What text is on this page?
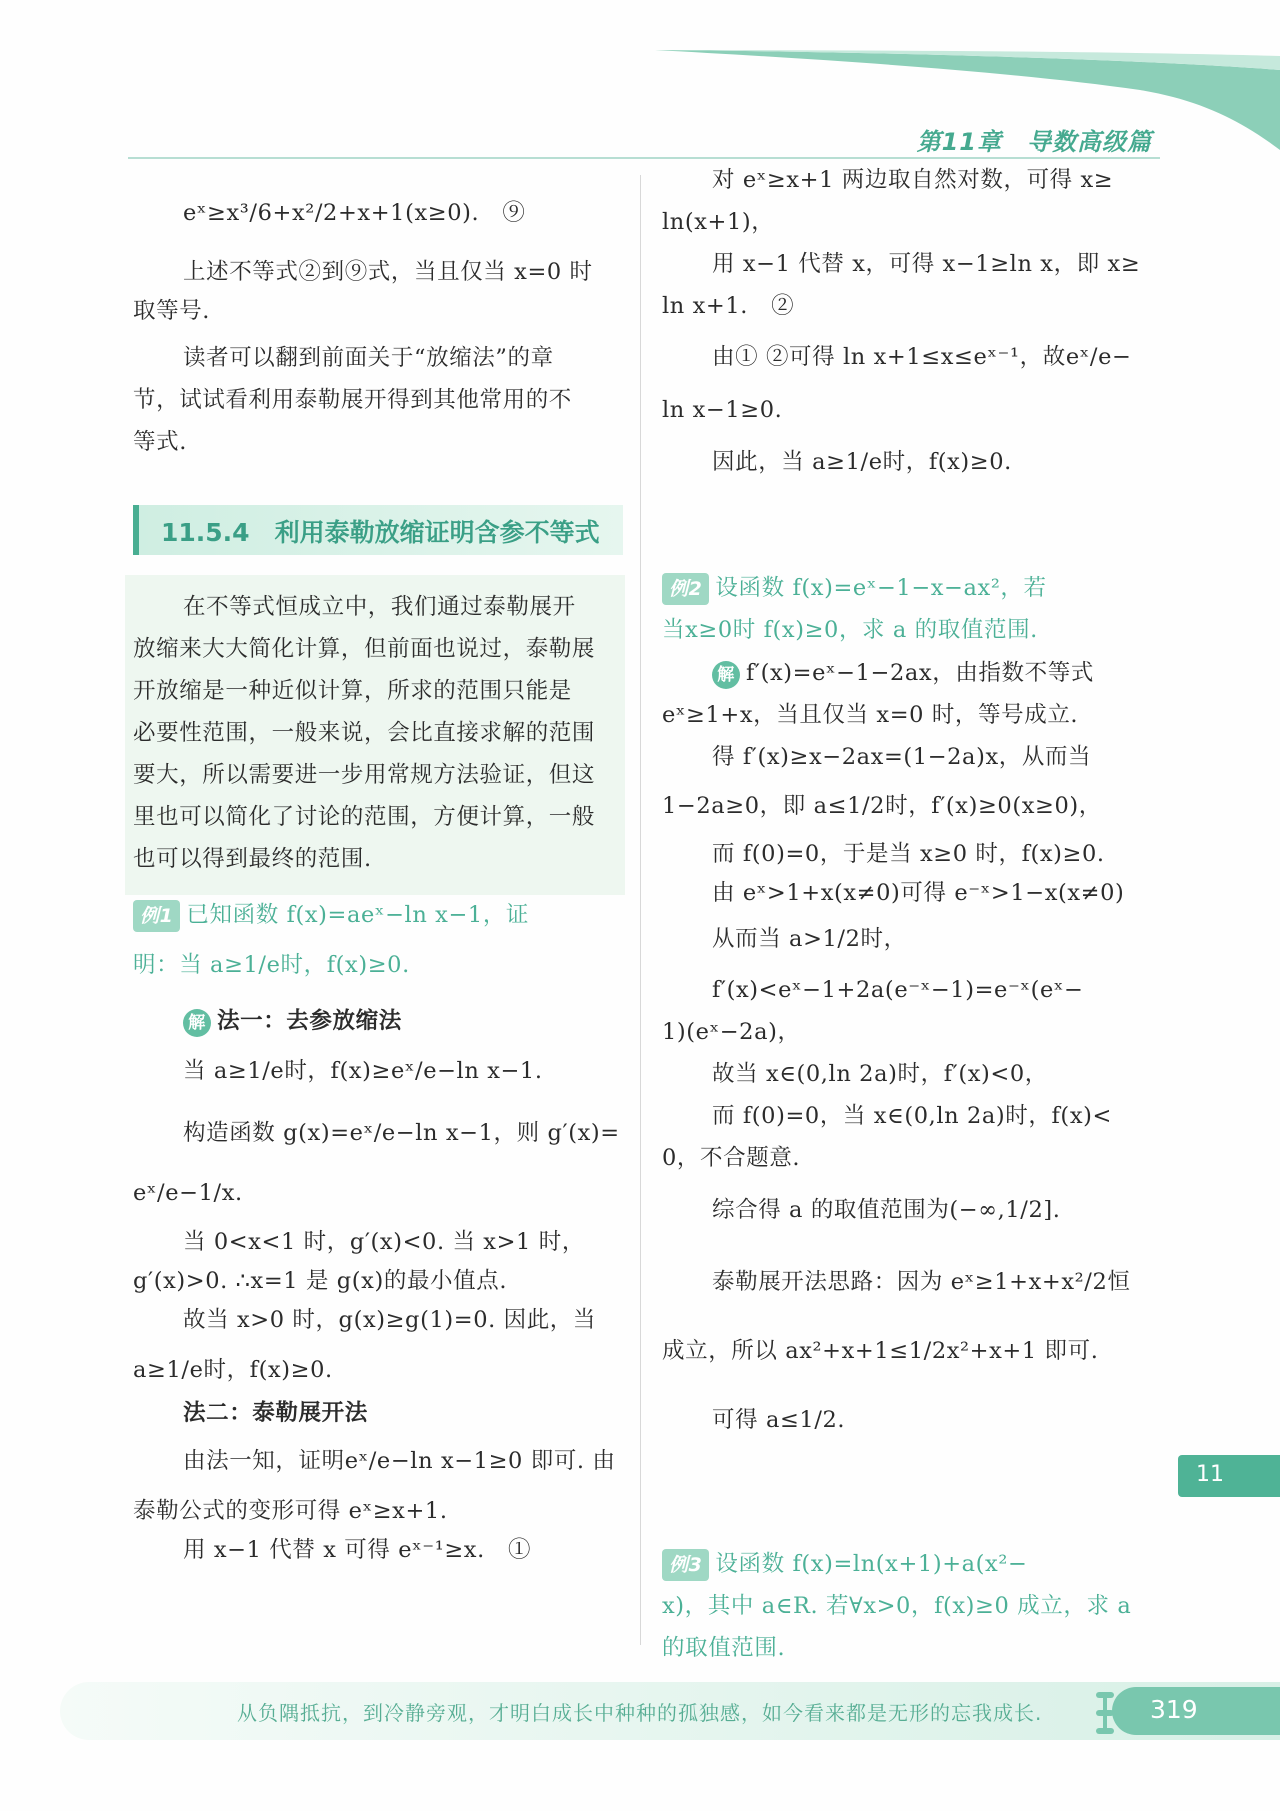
第11章　导数高级篇
eˣ≥x³/6+x²/2+x+1(x≥0).　⑨
上述不等式②到⑨式，当且仅当 x=0 时
取等号.
读者可以翻到前面关于“放缩法”的章
节，试试看利用泰勒展开得到其他常用的不
等式.
11.5.4　利用泰勒放缩证明含参不等式
在不等式恒成立中，我们通过泰勒展开
放缩来大大简化计算，但前面也说过，泰勒展
开放缩是一种近似计算，所求的范围只能是
必要性范围，一般来说，会比直接求解的范围
要大，所以需要进一步用常规方法验证，但这
里也可以简化了讨论的范围，方便计算，一般
也可以得到最终的范围.
例1 已知函数 f(x)=aeˣ−ln x−1，证
明：当 a≥1/e时，f(x)≥0.
解 法一：去参放缩法
当 a≥1/e时，f(x)≥eˣ/e−ln x−1.
构造函数 g(x)=eˣ/e−ln x−1，则 g′(x)=
eˣ/e−1/x.
当 0<x<1 时，g′(x)<0. 当 x>1 时，
g′(x)>0. ∴x=1 是 g(x)的最小值点.
故当 x>0 时，g(x)≥g(1)=0. 因此，当
a≥1/e时，f(x)≥0.
法二：泰勒展开法
由法一知，证明eˣ/e−ln x−1≥0 即可. 由
泰勒公式的变形可得 eˣ≥x+1.
用 x−1 代替 x 可得 eˣ⁻¹≥x.　①
对 eˣ≥x+1 两边取自然对数，可得 x≥
ln(x+1)，
用 x−1 代替 x，可得 x−1≥ln x，即 x≥
ln x+1.　②
由① ②可得 ln x+1≤x≤eˣ⁻¹，故eˣ/e−
ln x−1≥0.
因此，当 a≥1/e时，f(x)≥0.
例2 设函数 f(x)=eˣ−1−x−ax²，若
当x≥0时 f(x)≥0，求 a 的取值范围.
解 f′(x)=eˣ−1−2ax，由指数不等式
eˣ≥1+x，当且仅当 x=0 时，等号成立.
得 f′(x)≥x−2ax=(1−2a)x，从而当
1−2a≥0，即 a≤1/2时，f′(x)≥0(x≥0)，
而 f(0)=0，于是当 x≥0 时，f(x)≥0.
由 eˣ>1+x(x≠0)可得 e⁻ˣ>1−x(x≠0)
从而当 a>1/2时，
f′(x)<eˣ−1+2a(e⁻ˣ−1)=e⁻ˣ(eˣ−
1)(eˣ−2a)，
故当 x∈(0,ln 2a)时，f′(x)<0，
而 f(0)=0，当 x∈(0,ln 2a)时，f(x)<
0，不合题意.
综合得 a 的取值范围为(−∞,1/2].
泰勒展开法思路：因为 eˣ≥1+x+x²/2恒
成立，所以 ax²+x+1≤1/2x²+x+1 即可.
可得 a≤1/2.
例3 设函数 f(x)=ln(x+1)+a(x²−
x)，其中 a∈R. 若∀x>0，f(x)≥0 成立，求 a
的取值范围.
11
从负隅抵抗，到冷静旁观，才明白成长中种种的孤独感，如今看来都是无形的忘我成长.	319
